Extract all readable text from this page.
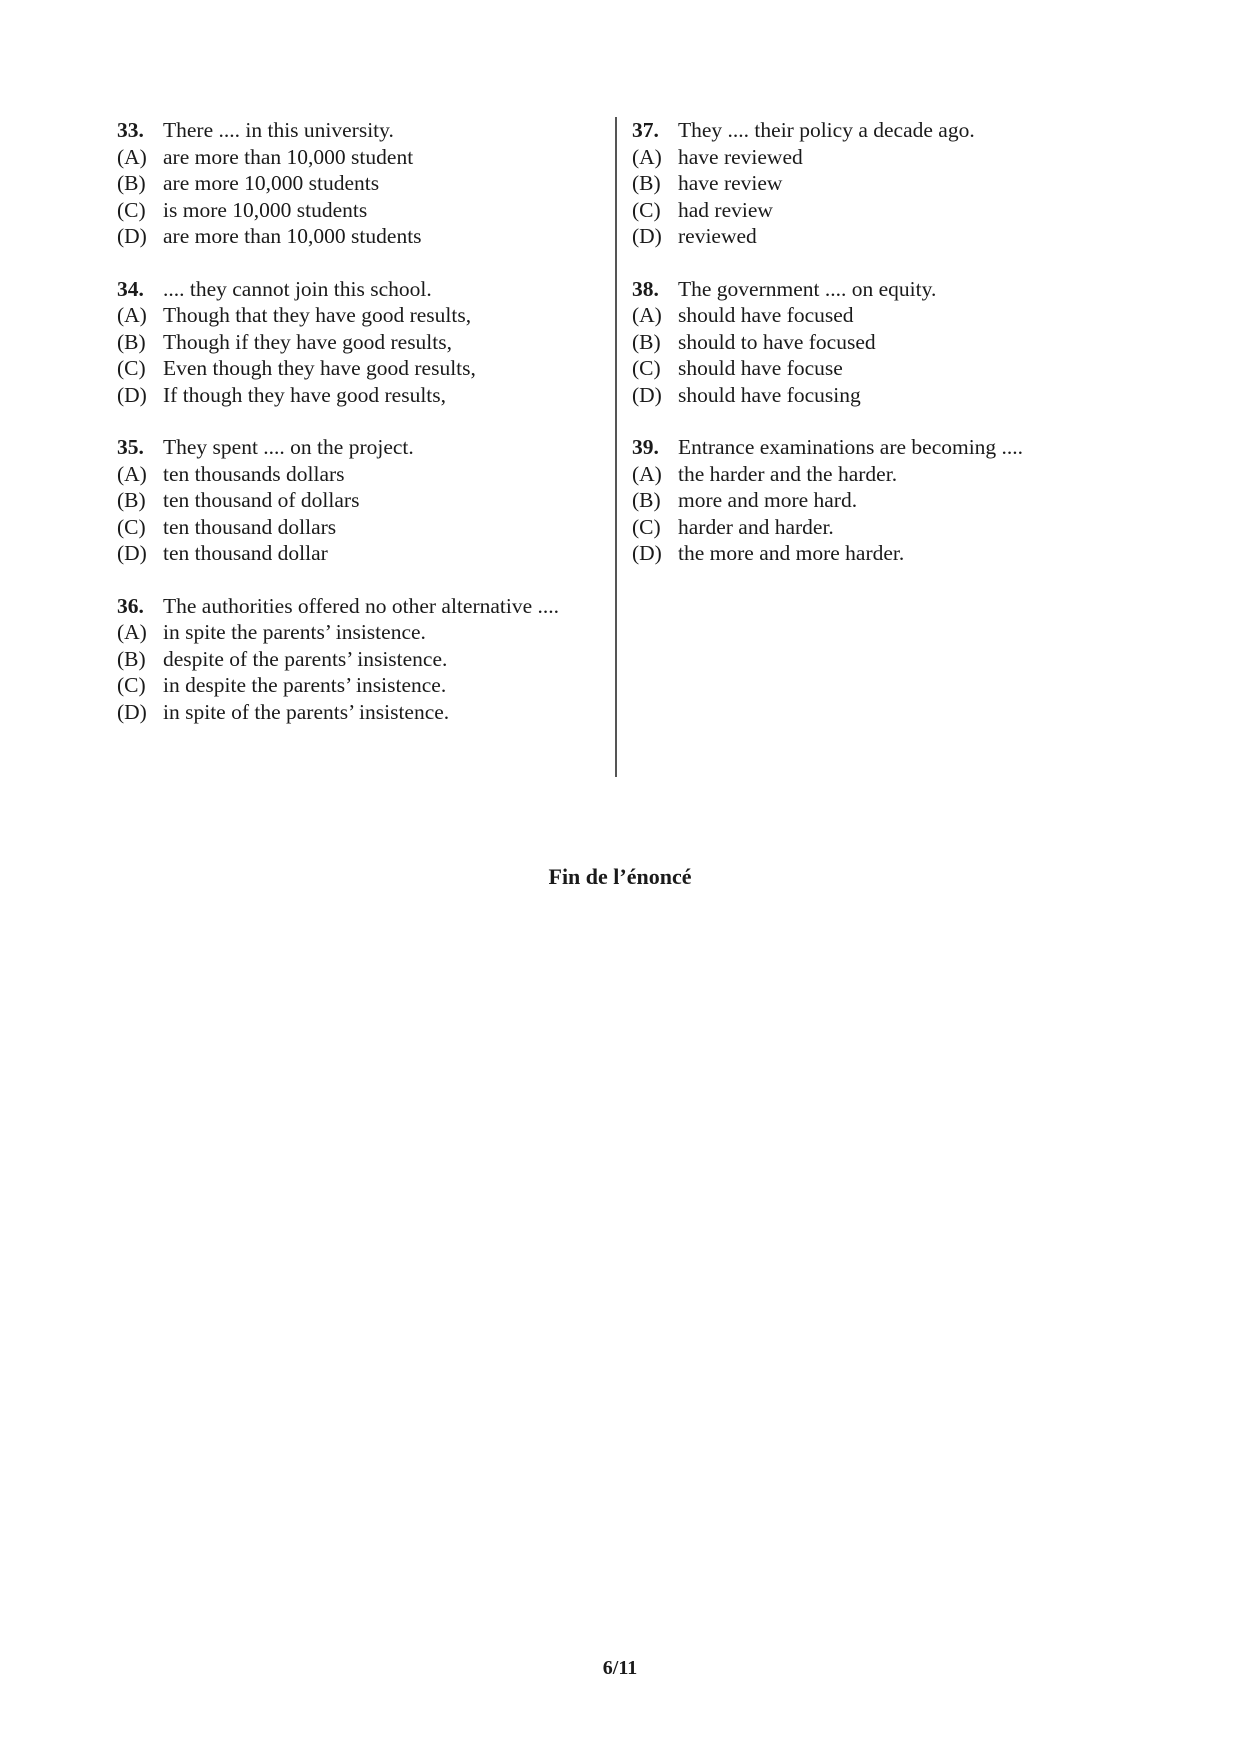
33. There .... in this university.
(A) are more than 10,000 student
(B) are more 10,000 students
(C) is more 10,000 students
(D) are more than 10,000 students
34. .... they cannot join this school.
(A) Though that they have good results,
(B) Though if they have good results,
(C) Even though they have good results,
(D) If though they have good results,
35. They spent .... on the project.
(A) ten thousands dollars
(B) ten thousand of dollars
(C) ten thousand dollars
(D) ten thousand dollar
36. The authorities offered no other alternative ....
(A) in spite the parents’ insistence.
(B) despite of the parents’ insistence.
(C) in despite the parents’ insistence.
(D) in spite of the parents’ insistence.
37. They .... their policy a decade ago.
(A) have reviewed
(B) have review
(C) had review
(D) reviewed
38. The government .... on equity.
(A) should have focused
(B) should to have focused
(C) should have focuse
(D) should have focusing
39. Entrance examinations are becoming ....
(A) the harder and the harder.
(B) more and more hard.
(C) harder and harder.
(D) the more and more harder.
Fin de l’énoncé
6/11
